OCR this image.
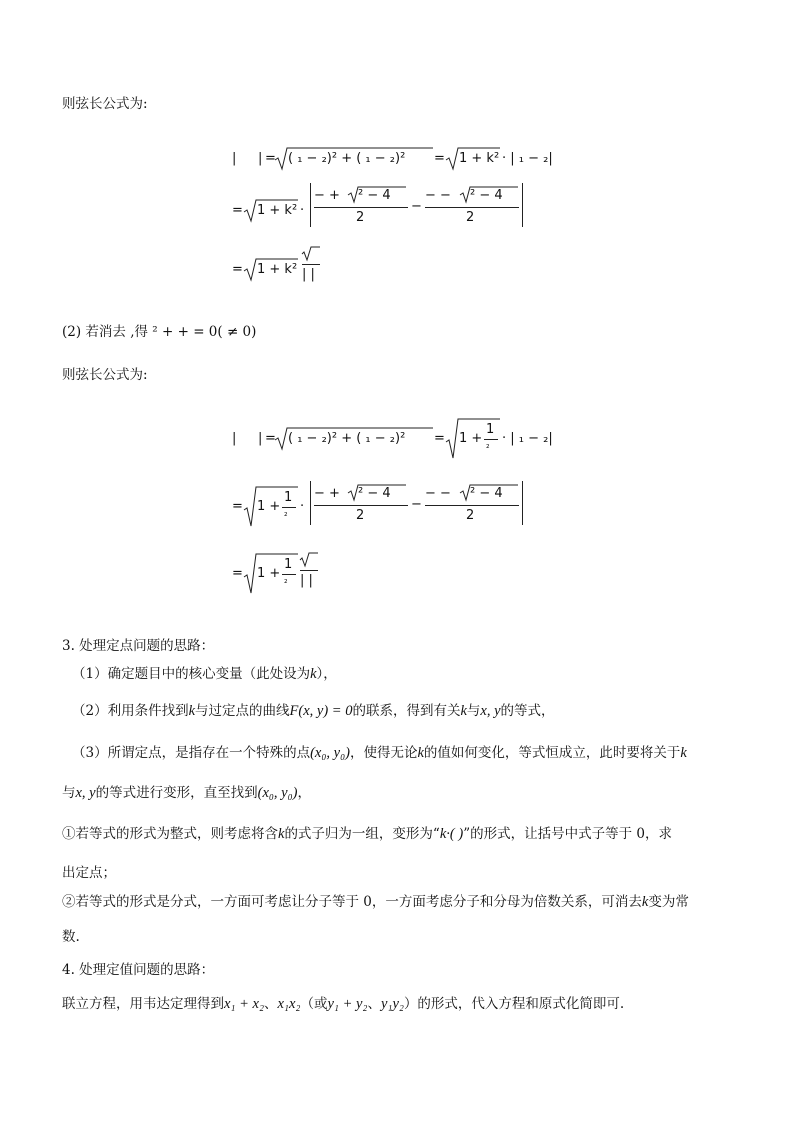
则弦长公式为:
| | = ( ₁ − ₂)² + ( ₁ − ₂)² = 1 + k² · | ₁ − ₂|
= 1 + k² ·
− + ² − 4
2
−
− − ² − 4
2
= 1 + k² | |
(2) 若消去 ,得 ² + + = 0( ≠ 0)
则弦长公式为:
| | = ( ₁ − ₂)² + ( ₁ − ₂)² = 1 +
1
²
· | ₁ − ₂|
= 1 +
1
²
·
− + ² − 4
2
−
− − ² − 4
2
= 1 +
1
² | |
3. 处理定点问题的思路：
（1）确定题目中的核心变量（此处设为k），
（2）利用条件找到k与过定点的曲线F(x, y) = 0的联系，得到有关k与x, y的等式，
（3）所谓定点，是指存在一个特殊的点(x₀, y₀)，使得无论k的值如何变化，等式恒成立，此时要将关于k
与x, y的等式进行变形，直至找到(x₀, y₀)，
①若等式的形式为整式，则考虑将含k的式子归为一组，变形为“k·( )”的形式，让括号中式子等于 0，求
出定点；
②若等式的形式是分式，一方面可考虑让分子等于 0，一方面考虑分子和分母为倍数关系，可消去k变为常
数.
4. 处理定值问题的思路：
联立方程，用韦达定理得到x₁ + x₂、x₁x₂（或y₁ + y₂、y₁y₂）的形式，代入方程和原式化简即可.
